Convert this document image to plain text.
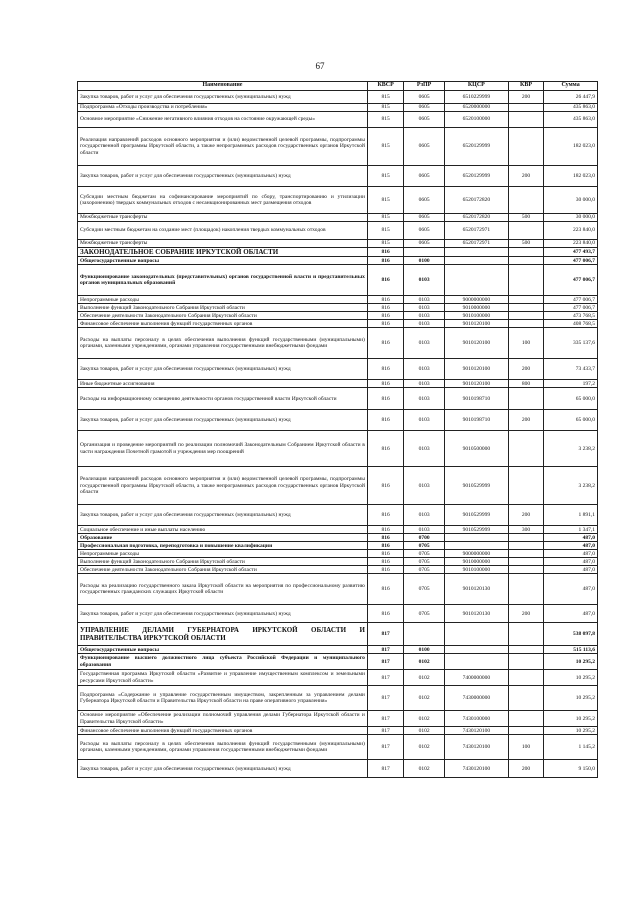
67
Наименование	КВСР	РзПР	КЦСР	КВР	Сумма
Закупка товаров, работ и услуг для обеспечения государственных (муниципальных) нужд	815	0605	6510229999	200	26 447,9
Подпрограмма «Отходы производства и потребления»	815	0605	6520000000		435 863,0
Основное мероприятие «Снижение негативного влияния отходов на состояние окружающей среды»	815	0605	6520100000		435 863,0
Реализация направлений расходов основного мероприятия и (или) ведомственной целевой программы, подпрограммы государственной программы Иркутской области, а также непрограммных расходов государственных органов Иркутской области	815	0605	6520129999		182 023,0
Закупка товаров, работ и услуг для обеспечения государственных (муниципальных) нужд	815	0605	6520129999	200	182 023,0
Субсидии местным бюджетам на софинансирование мероприятий по сбору, транспортированию и утилизации (захоронению) твердых коммунальных отходов с несанкционированных мест размещения отходов	815	0605	6520172820		30 000,0
Межбюджетные трансферты	815	0605	6520172820	500	30 000,0
Субсидии местным бюджетам на создание мест (площадок) накопления твердых коммунальных отходов	815	0605	6520172971		223 840,0
Межбюджетные трансферты	815	0605	6520172971	500	223 840,0
ЗАКОНОДАТЕЛЬНОЕ СОБРАНИЕ ИРКУТСКОЙ ОБЛАСТИ	816				477 493,7
Общегосударственные вопросы	816	0100			477 006,7
Функционирование законодательных (представительных) органов государственной власти и представительных органов муниципальных образований	816	0103			477 006,7
Непрограммные расходы	816	0103	9000000000		477 006,7
Выполнение функций Законодательного Собрания Иркутской области	816	0103	9010000000		477 006,7
Обеспечение деятельности Законодательного Собрания Иркутской области	816	0103	9010100000		473 768,5
Финансовое обеспечение выполнения функций государственных органов	816	0103	9010120100		408 768,5
Расходы на выплаты персоналу в целях обеспечения выполнения функций государственными (муниципальными) органами, казенными учреждениями, органами управления государственными внебюджетными фондами	816	0103	9010120100	100	335 137,6
Закупка товаров, работ и услуг для обеспечения государственных (муниципальных) нужд	816	0103	9010120100	200	73 433,7
Иные бюджетные ассигнования	816	0103	9010120100	800	197,2
Расходы на информационному освещению деятельности органов государственной власти Иркутской области	816	0103	9010198710		65 000,0
Закупка товаров, работ и услуг для обеспечения государственных (муниципальных) нужд	816	0103	9010198710	200	65 000,0
Организация и проведение мероприятий по реализации полномочий Законодательным Собранием Иркутской области в части награждения Почетной грамотой и учреждения мер поощрений	816	0103	9010500000		3 238,2
Реализация направлений расходов основного мероприятия и (или) ведомственной целевой программы, подпрограммы государственной программы Иркутской области, а также непрограммных расходов государственных органов Иркутской области	816	0103	9010529999		3 238,2
Закупка товаров, работ и услуг для обеспечения государственных (муниципальных) нужд	816	0103	9010529999	200	1 891,1
Социальное обеспечение и иные выплаты населению	816	0103	9010529999	300	1 347,1
Образование	816	0700			487,0
Профессиональная подготовка, переподготовка и повышение квалификации	816	0705			487,0
Непрограммные расходы	816	0705	9000000000		487,0
Выполнение функций Законодательного Собрания Иркутской области	816	0705	9010000000		487,0
Обеспечение деятельности Законодательного Собрания Иркутской области	816	0705	9010100000		487,0
Расходы на реализацию государственного заказа Иркутской области на мероприятия по профессиональному развитию государственных гражданских служащих Иркутской области	816	0705	9010120130		487,0
Закупка товаров, работ и услуг для обеспечения государственных (муниципальных) нужд	816	0705	9010120130	200	487,0
УПРАВЛЕНИЕ ДЕЛАМИ ГУБЕРНАТОРА ИРКУТСКОЙ ОБЛАСТИ И ПРАВИТЕЛЬСТВА ИРКУТСКОЙ ОБЛАСТИ	817				538 097,8
Общегосударственные вопросы	817	0100			515 113,6
Функционирование высшего должностного лица субъекта Российской Федерации и муниципального образования	817	0102			10 295,2
Государственная программа Иркутской области «Развитие и управление имущественным комплексом и земельными ресурсами Иркутской области»	817	0102	7400000000		10 295,2
Подпрограмма «Содержание и управление государственным имуществом, закрепленным за управлением делами Губернатора Иркутской области и Правительства Иркутской области на праве оперативного управления»	817	0102	7430000000		10 295,2
Основное мероприятие «Обеспечение реализации полномочий управления делами Губернатора Иркутской области и Правительства Иркутской области»	817	0102	7430100000		10 295,2
Финансовое обеспечение выполнения функций государственных органов	817	0102	7430120100		10 295,2
Расходы на выплаты персоналу в целях обеспечения выполнения функций государственными (муниципальными) органами, казенными учреждениями, органами управления государственными внебюджетными фондами	817	0102	7430120100	100	1 145,2
Закупка товаров, работ и услуг для обеспечения государственных (муниципальных) нужд	817	0102	7430120100	200	9 150,0
